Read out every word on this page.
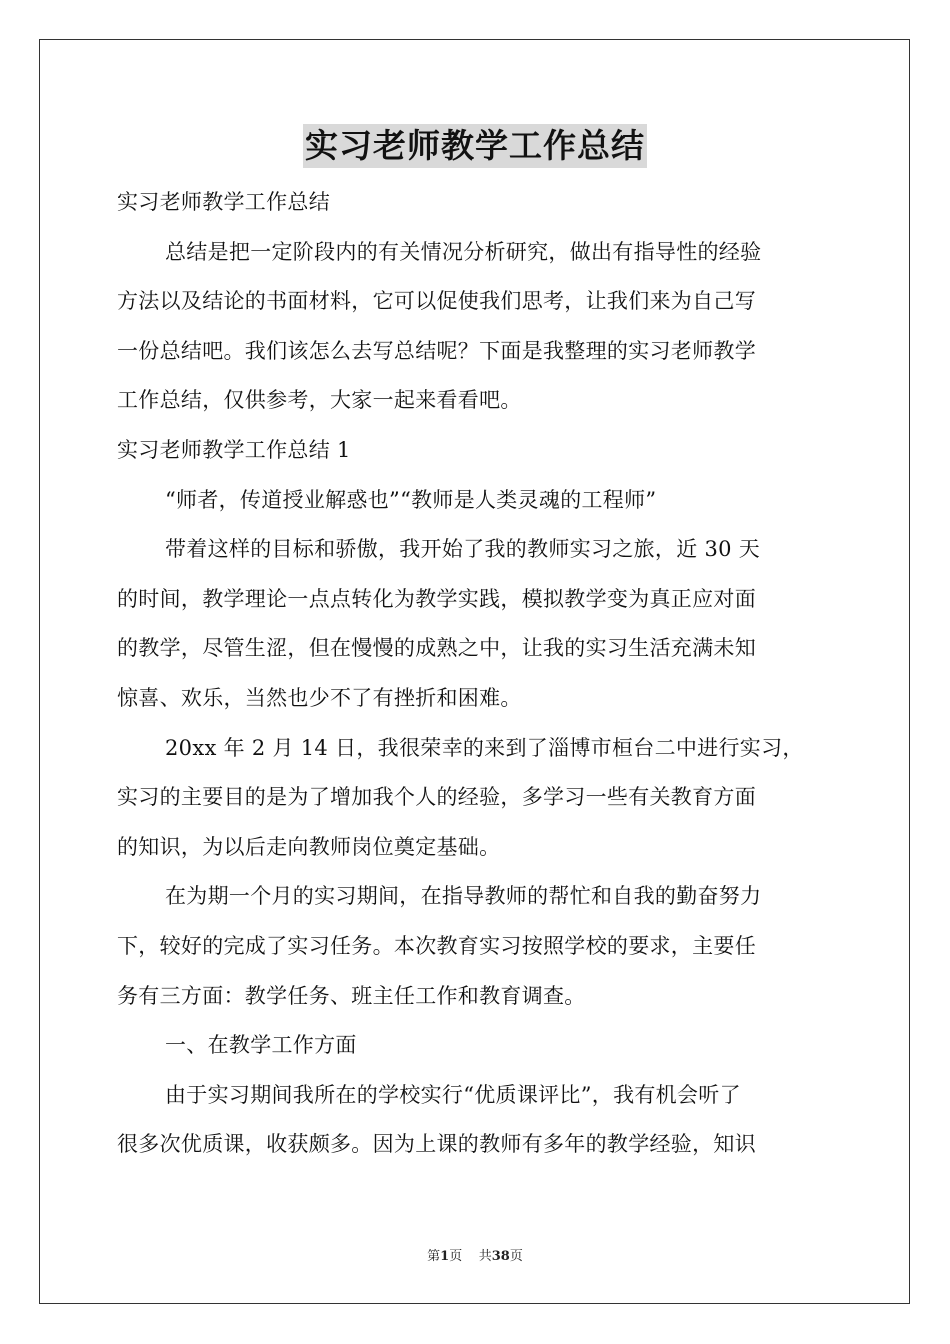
实习老师教学工作总结
实习老师教学工作总结
总结是把一定阶段内的有关情况分析研究，做出有指导性的经验
方法以及结论的书面材料，它可以促使我们思考，让我们来为自己写
一份总结吧。我们该怎么去写总结呢？下面是我整理的实习老师教学
工作总结，仅供参考，大家一起来看看吧。
实习老师教学工作总结 1
“师者，传道授业解惑也”“教师是人类灵魂的工程师”
带着这样的目标和骄傲，我开始了我的教师实习之旅，近 30 天
的时间，教学理论一点点转化为教学实践，模拟教学变为真正应对面
的教学，尽管生涩，但在慢慢的成熟之中，让我的实习生活充满未知
惊喜、欢乐，当然也少不了有挫折和困难。
20xx 年 2 月 14 日，我很荣幸的来到了淄博市桓台二中进行实习，
实习的主要目的是为了增加我个人的经验，多学习一些有关教育方面
的知识，为以后走向教师岗位奠定基础。
在为期一个月的实习期间，在指导教师的帮忙和自我的勤奋努力
下，较好的完成了实习任务。本次教育实习按照学校的要求，主要任
务有三方面：教学任务、班主任工作和教育调查。
一、在教学工作方面
由于实习期间我所在的学校实行“优质课评比”，我有机会听了
很多次优质课，收获颇多。因为上课的教师有多年的教学经验，知识
第1页 共38页
